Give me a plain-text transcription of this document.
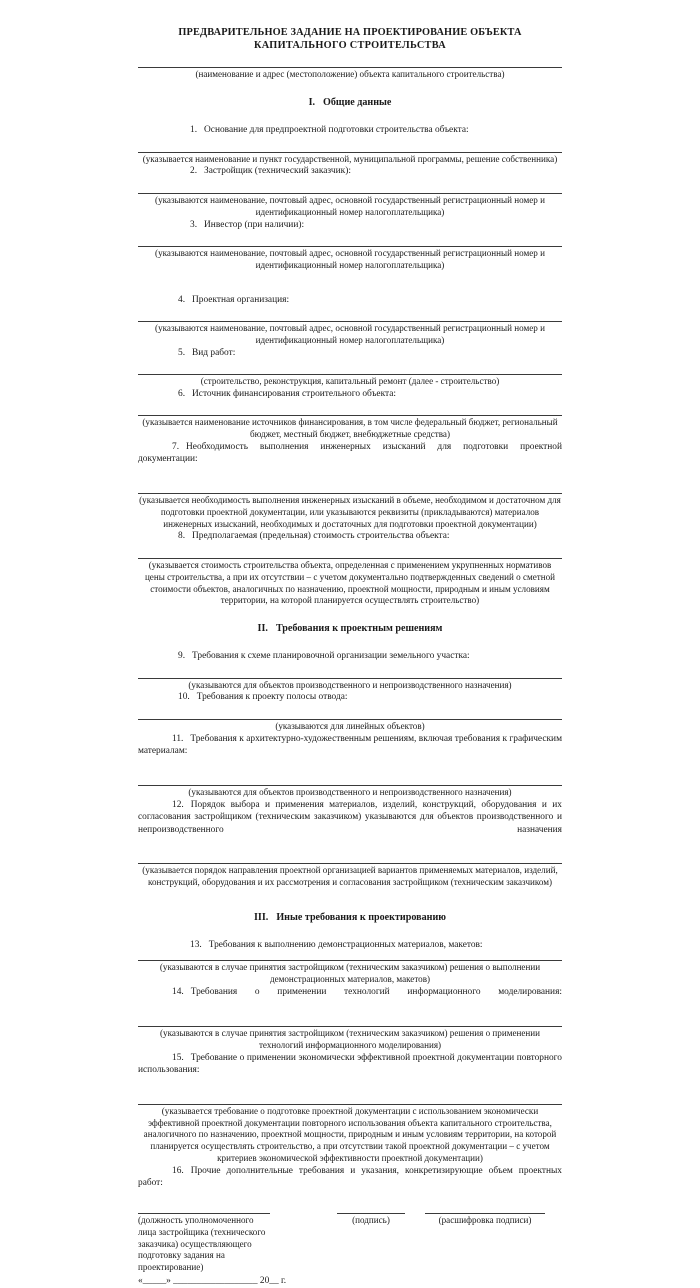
ПРЕДВАРИТЕЛЬНОЕ ЗАДАНИЕ НА ПРОЕКТИРОВАНИЕ ОБЪЕКТА
КАПИТАЛЬНОГО СТРОИТЕЛЬСТВА
(наименование и адрес (местоположение) объекта капитального строительства)
I. Общие данные
1. Основание для предпроектной подготовки строительства объекта:
(указывается наименование и пункт государственной, муниципальной программы, решение собственника)
2. Застройщик (технический заказчик):
(указываются наименование, почтовый адрес, основной государственный регистрационный номер и идентификационный номер налогоплательщика)
3. Инвестор (при наличии):
(указываются наименование, почтовый адрес, основной государственный регистрационный номер и идентификационный номер налогоплательщика)
4. Проектная организация:
(указываются наименование, почтовый адрес, основной государственный регистрационный номер и идентификационный номер налогоплательщика)
5. Вид работ:
(строительство, реконструкция, капитальный ремонт (далее - строительство)
6. Источник финансирования строительного объекта:
(указывается наименование источников финансирования, в том числе федеральный бюджет, региональный бюджет, местный бюджет, внебюджетные средства)
7. Необходимость выполнения инженерных изысканий для подготовки проектной документации:
(указывается необходимость выполнения инженерных изысканий в объеме, необходимом и достаточном для подготовки проектной документации, или указываются реквизиты (прикладываются) материалов инженерных изысканий, необходимых и достаточных для подготовки проектной документации)
8. Предполагаемая (предельная) стоимость строительства объекта:
(указывается стоимость строительства объекта, определенная с применением укрупненных нормативов цены строительства, а при их отсутствии – с учетом документально подтвержденных сведений о сметной стоимости объектов, аналогичных по назначению, проектной мощности, природным и иным условиям территории, на которой планируется осуществлять строительство)
II. Требования к проектным решениям
9. Требования к схеме планировочной организации земельного участка:
(указываются для объектов производственного и непроизводственного назначения)
10. Требования к проекту полосы отвода:
(указываются для линейных объектов)
11. Требования к архитектурно-художественным решениям, включая требования к графическим материалам:
(указываются для объектов производственного и непроизводственного назначения)
12. Порядок выбора и применения материалов, изделий, конструкций, оборудования и их согласования застройщиком (техническим заказчиком) указываются для объектов производственного и непроизводственного назначения
(указывается порядок направления проектной организацией вариантов применяемых материалов, изделий, конструкций, оборудования и их рассмотрения и согласования застройщиком (техническим заказчиком)
III. Иные требования к проектированию
13. Требования к выполнению демонстрационных материалов, макетов:
(указываются в случае принятия застройщиком (техническим заказчиком) решения о выполнении демонстрационных материалов, макетов)
14. Требования о применении технологий информационного моделирования:
(указываются в случае принятия застройщиком (техническим заказчиком) решения о применении технологий информационного моделирования)
15. Требование о применении экономически эффективной проектной документации повторного использования:
(указывается требование о подготовке проектной документации с использованием экономически эффективной проектной документации повторного использования объекта капитального строительства, аналогичного по назначению, проектной мощности, природным и иным условиям территории, на которой планируется осуществлять строительство, а при отсутствии такой проектной документации – с учетом критериев экономической эффективности проектной документации)
16. Прочие дополнительные требования и указания, конкретизирующие объем проектных работ:
(должность уполномоченного лица застройщика (технического заказчика) осуществляющего подготовку задания на проектирование)
(подпись)	(расшифровка подписи)
«_____» __________________ 20__ г.
